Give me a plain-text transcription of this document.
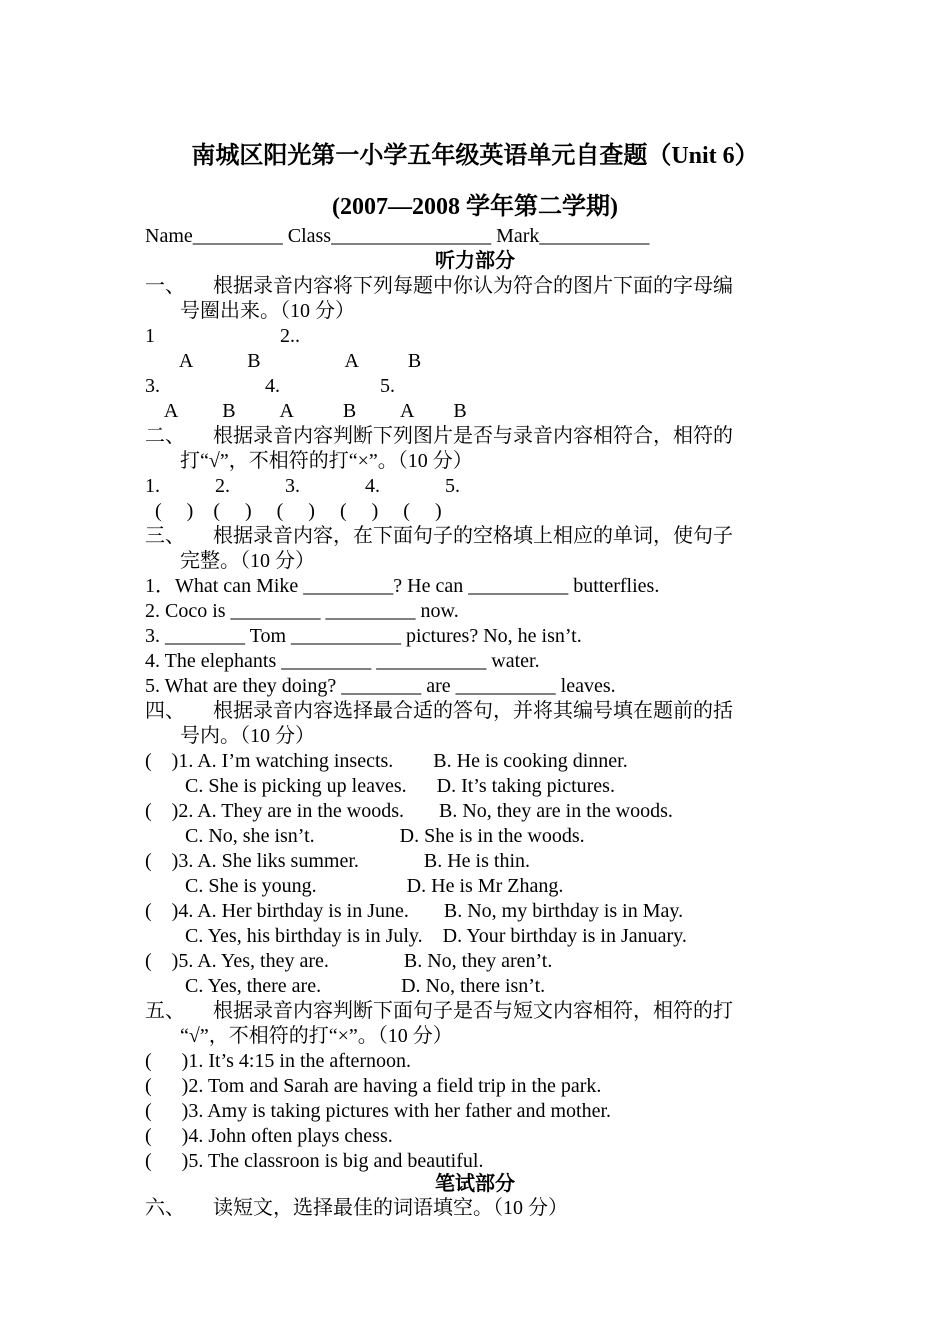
南城区阳光第一小学五年级英语单元自查题（Unit 6）
(2007—2008 学年第二学期)
Name_________ Class________________ Mark___________
听力部分
一、 根据录音内容将下列每题中你认为符合的图片下面的字母编
号圈出来。（10 分）
1                         2..
A           B                 A          B
3.                     4.                    5.
A         B         A          B         A        B
二、 根据录音内容判断下列图片是否与录音内容相符合，相符的
打“√”，不相符的打“×”。（10 分）
1.           2.           3.             4.             5.
(     )    (     )     (     )     (     )     (     )
三、 根据录音内容，在下面句子的空格填上相应的单词，使句子
完整。（10 分）
1．What can Mike _________? He can __________ butterflies.
2. Coco is _________ _________ now.
3. ________ Tom ___________ pictures? No, he isn’t.
4. The elephants _________ ___________ water.
5. What are they doing? ________ are __________ leaves.
四、 根据录音内容选择最合适的答句，并将其编号填在题前的括
号内。（10 分）
(    )1. A. I’m watching insects.        B. He is cooking dinner.
C. She is picking up leaves.      D. It’s taking pictures.
(    )2. A. They are in the woods.       B. No, they are in the woods.
C. No, she isn’t.                 D. She is in the woods.
(    )3. A. She liks summer.             B. He is thin.
C. She is young.                  D. He is Mr Zhang.
(    )4. A. Her birthday is in June.       B. No, my birthday is in May.
C. Yes, his birthday is in July.    D. Your birthday is in January.
(    )5. A. Yes, they are.               B. No, they aren’t.
C. Yes, there are.                D. No, there isn’t.
五、 根据录音内容判断下面句子是否与短文内容相符，相符的打
“√”，不相符的打“×”。（10 分）
(      )1. It’s 4:15 in the afternoon.
(      )2. Tom and Sarah are having a field trip in the park.
(      )3. Amy is taking pictures with her father and mother.
(      )4. John often plays chess.
(      )5. The classroon is big and beautiful.
笔试部分
六、 读短文，选择最佳的词语填空。（10 分）
